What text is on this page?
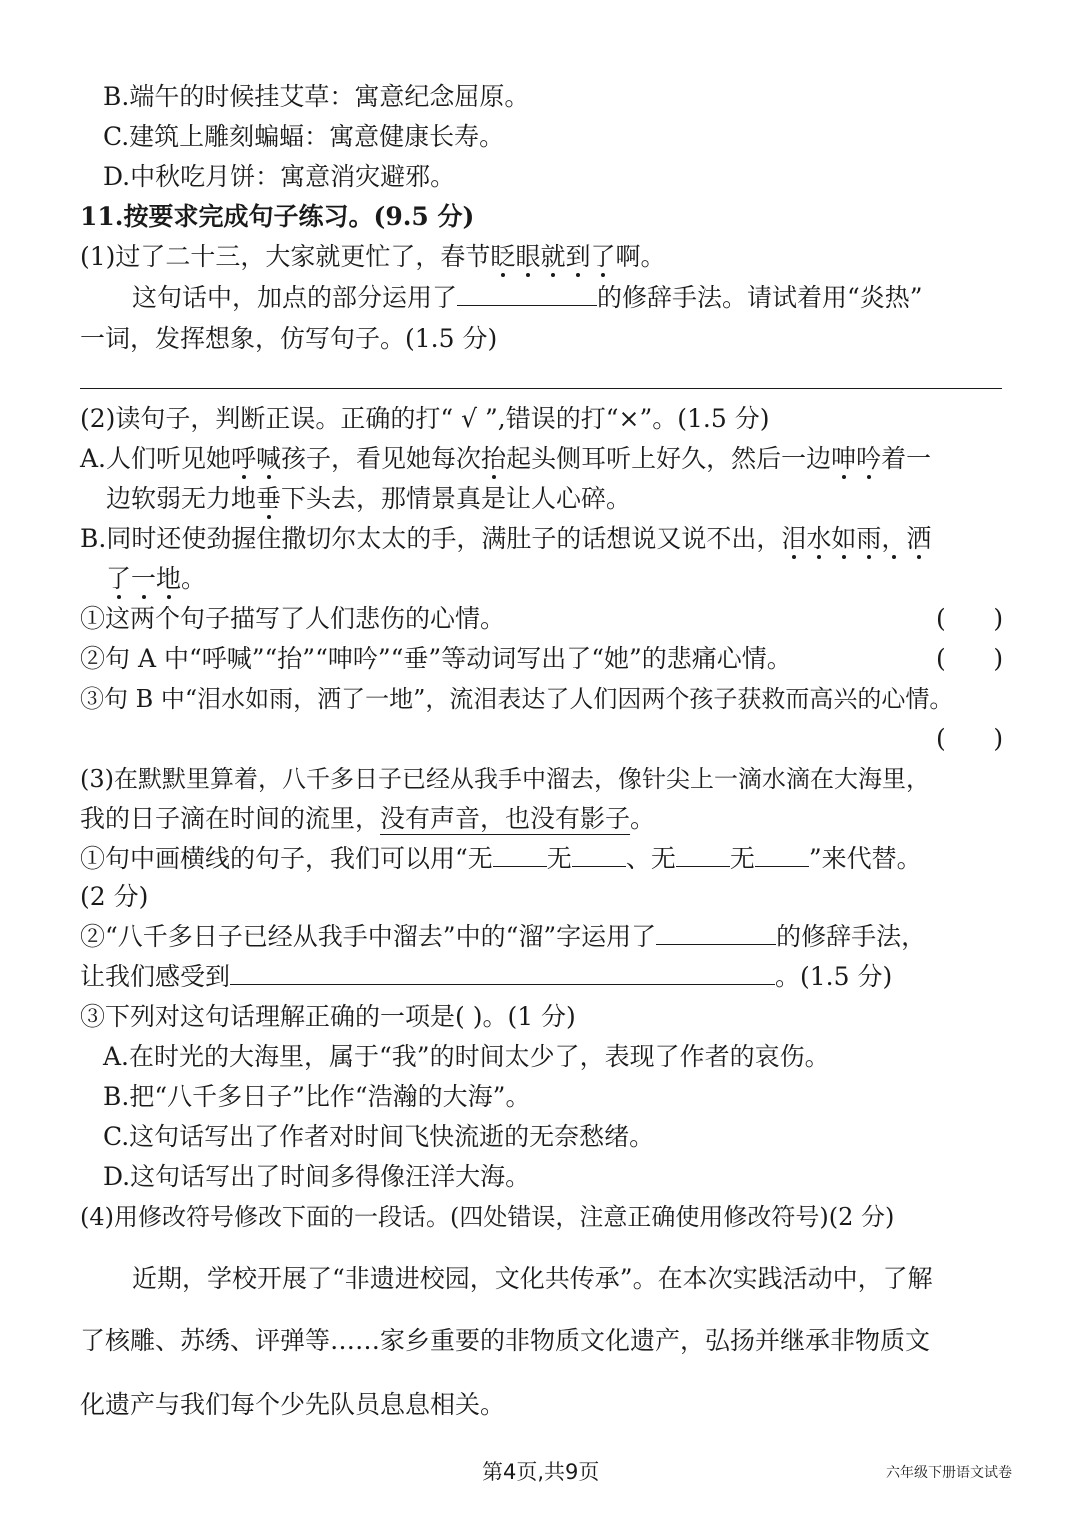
B.端午的时候挂艾草：寓意纪念屈原。
C.建筑上雕刻蝙蝠：寓意健康长寿。
D.中秋吃月饼：寓意消灾避邪。
11.按要求完成句子练习。(9.5 分)
(1)过了二十三，大家就更忙了，春节眨眼就到了啊。
这句话中，加点的部分运用了	的修辞手法。请试着用“炎热”
一词，发挥想象，仿写句子。(1.5 分)
(2)读句子，判断正误。正确的打“ √ ”,错误的打“×”。(1.5 分)
A.人们听见她呼喊孩子，看见她每次抬起头侧耳听上好久，然后一边呻吟着一
边软弱无力地垂下头去，那情景真是让人心碎。
B.同时还使劲握住撒切尔太太的手，满肚子的话想说又说不出，泪水如雨，洒
了一地。
①这两个句子描写了人们悲伤的心情。	(      )
②句 A 中“呼喊”“抬”“呻吟”“垂”等动词写出了“她”的悲痛心情。	(      )
③句 B 中“泪水如雨，洒了一地”，流泪表达了人们因两个孩子获救而高兴的心情。
(      )
(3)在默默里算着，八千多日子已经从我手中溜去，像针尖上一滴水滴在大海里，
我的日子滴在时间的流里，没有声音，也没有影子。
①句中画横线的句子，我们可以用“无 无 、无 无 ”来代替。
(2 分)
②“八千多日子已经从我手中溜去”中的“溜”字运用了	的修辞手法，
让我们感受到	。(1.5 分)
③下列对这句话理解正确的一项是( )。(1 分)
A.在时光的大海里，属于“我”的时间太少了，表现了作者的哀伤。
B.把“八千多日子”比作“浩瀚的大海”。
C.这句话写出了作者对时间飞快流逝的无奈愁绪。
D.这句话写出了时间多得像汪洋大海。
(4)用修改符号修改下面的一段话。(四处错误，注意正确使用修改符号)(2 分)
近期，学校开展了“非遗进校园，文化共传承”。在本次实践活动中，了解
了核雕、苏绣、评弹等……家乡重要的非物质文化遗产，弘扬并继承非物质文
化遗产与我们每个少先队员息息相关。
第4页,共9页	六年级下册语文试卷
